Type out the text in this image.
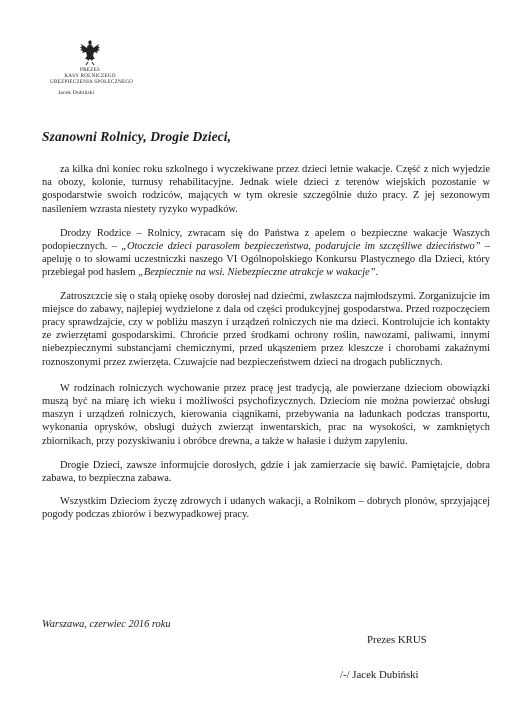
PREZES
KASY ROLNICZEGO
UBEZPIECZENIA SPOŁECZNEGO
Jacek Dubiński
Szanowni Rolnicy, Drogie Dzieci,

za kilka dni koniec roku szkolnego i wyczekiwane przez dzieci letnie wakacje. Część z nich wyjedzie na obozy, kolonie, turnusy rehabilitacyjne. Jednak wiele dzieci z terenów wiejskich pozostanie w gospodarstwie swoich rodziców, mających w tym okresie szczególnie dużo pracy. Z jej sezonowym nasileniem wzrasta niestety ryzyko wypadków.

Drodzy Rodzice – Rolnicy, zwracam się do Państwa z apelem o bezpieczne wakacje Waszych podopiecznych. – „Otoczcie dzieci parasolem bezpieczeństwa, podarujcie im szczęśliwe dzieciństwo” – apeluję o to słowami uczestniczki naszego VI Ogólnopolskiego Konkursu Plastycznego dla Dzieci, który przebiegał pod hasłem „Bezpiecznie na wsi. Niebezpieczne atrakcje w wakacje”.

Zatroszczcie się o stałą opiekę osoby dorosłej nad dziećmi, zwłaszcza najmłodszymi. Zorganizujcie im miejsce do zabawy, najlepiej wydzielone z dala od części produkcyjnej gospodarstwa. Przed rozpoczęciem pracy sprawdzajcie, czy w pobliżu maszyn i urządzeń rolniczych nie ma dzieci. Kontrolujcie ich kontakty ze zwierzętami gospodarskimi. Chrońcie przed środkami ochrony roślin, nawozami, paliwami, innymi niebezpiecznymi substancjami chemicznymi, przed ukąszeniem przez kleszcze i chorobami zakaźnymi roznoszonymi przez zwierzęta. Czuwajcie nad bezpieczeństwem dzieci na drogach publicznych.

W rodzinach rolniczych wychowanie przez pracę jest tradycją, ale powierzane dzieciom obowiązki muszą być na miarę ich wieku i możliwości psychofizycznych. Dzieciom nie można powierzać obsługi maszyn i urządzeń rolniczych, kierowania ciągnikami, przebywania na ładunkach podczas transportu, wykonania oprysków, obsługi dużych zwierząt inwentarskich, prac na wysokości, w zamkniętych zbiornikach, przy pozyskiwaniu i obróbce drewna, a także w hałasie i dużym zapyleniu.

Drogie Dzieci, zawsze informujcie dorosłych, gdzie i jak zamierzacie się bawić. Pamiętajcie, dobra zabawa, to bezpieczna zabawa.

Wszystkim Dzieciom życzę zdrowych i udanych wakacji, a Rolnikom – dobrych plonów, sprzyjającej pogody podczas zbiorów i bezwypadkowej pracy.

Warszawa, czerwiec 2016 roku
Prezes KRUS
/-/ Jacek Dubiński
